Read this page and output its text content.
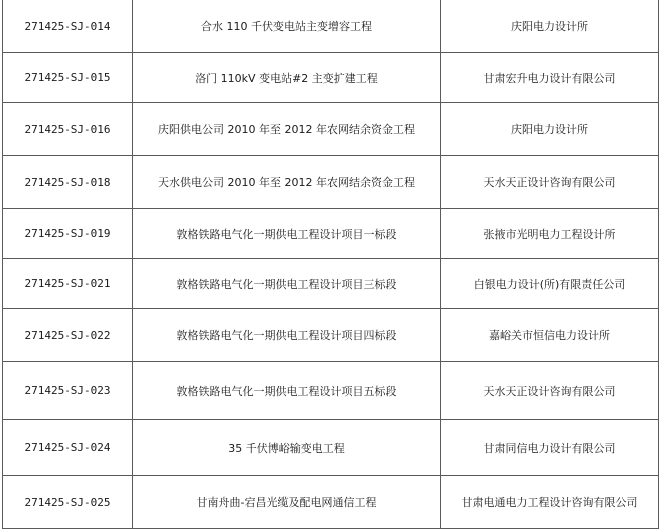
271425-SJ-014	合水 110 千伏变电站主变增容工程	庆阳电力设计所
271425-SJ-015	洛门 110kV 变电站#2 主变扩建工程	甘肃宏升电力设计有限公司
271425-SJ-016	庆阳供电公司 2010 年至 2012 年农网结余资金工程	庆阳电力设计所
271425-SJ-018	天水供电公司 2010 年至 2012 年农网结余资金工程	天水天正设计咨询有限公司
271425-SJ-019	敦格铁路电气化一期供电工程设计项目一标段	张掖市光明电力工程设计所
271425-SJ-021	敦格铁路电气化一期供电工程设计项目三标段	白银电力设计(所)有限责任公司
271425-SJ-022	敦格铁路电气化一期供电工程设计项目四标段	嘉峪关市恒信电力设计所
271425-SJ-023	敦格铁路电气化一期供电工程设计项目五标段	天水天正设计咨询有限公司
271425-SJ-024	35 千伏博峪输变电工程	甘肃同信电力设计有限公司
271425-SJ-025	甘南舟曲-宕昌光缆及配电网通信工程	甘肃电通电力工程设计咨询有限公司
